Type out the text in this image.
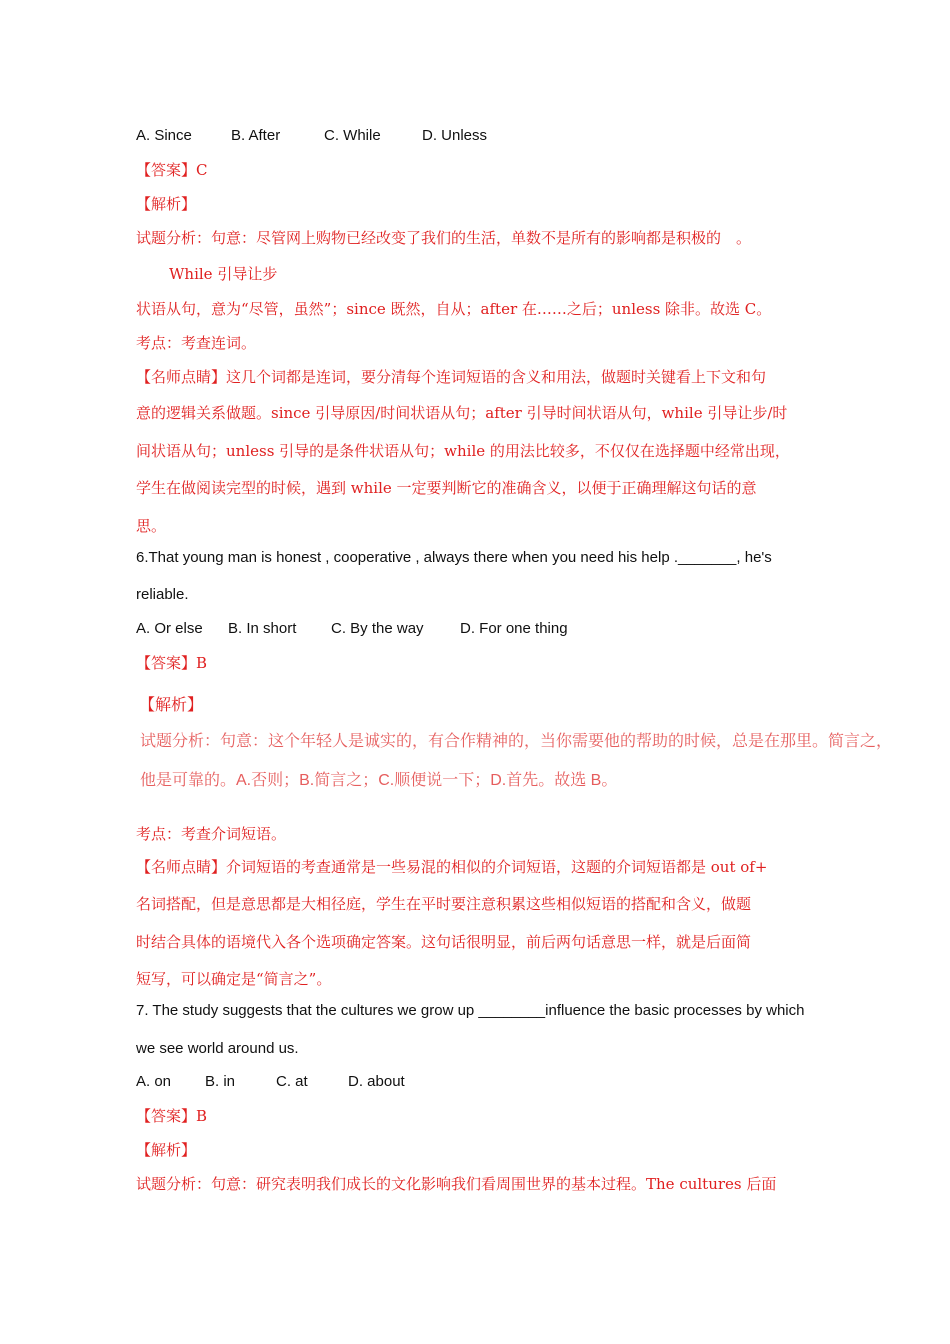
A. Since	B. After	C. While	D. Unless
【答案】C
【解析】
试题分析：句意：尽管网上购物已经改变了我们的生活，单数不是所有的影响都是积极的　。
While 引导让步
状语从句，意为“尽管，虽然”；since 既然，自从；after 在……之后；unless 除非。故选 C。
考点：考查连词。
【名师点睛】这几个词都是连词，要分清每个连词短语的含义和用法，做题时关键看上下文和句
意的逻辑关系做题。since 引导原因/时间状语从句；after 引导时间状语从句，while 引导让步/时
间状语从句；unless 引导的是条件状语从句；while 的用法比较多，不仅仅在选择题中经常出现，
学生在做阅读完型的时候，遇到 while 一定要判断它的准确含义，以便于正确理解这句话的意
思。
6.That young man is honest , cooperative , always there when you need his help ._______, he's
reliable.
A. Or else B. In short C. By the way D. For one thing
【答案】B
【解析】
试题分析：句意：这个年轻人是诚实的，有合作精神的，当你需要他的帮助的时候，总是在那里。简言之，
他是可靠的。A.否则；B.简言之；C.顺便说一下；D.首先。故选 B。
考点：考查介词短语。
【名师点睛】介词短语的考查通常是一些易混的相似的介词短语，这题的介词短语都是 out of+
名词搭配，但是意思都是大相径庭，学生在平时要注意积累这些相似短语的搭配和含义，做题
时结合具体的语境代入各个选项确定答案。这句话很明显，前后两句话意思一样，就是后面简
短写，可以确定是“简言之”。
7. The study suggests that the cultures we grow up ________influence the basic processes by which
we see world around us.
A. on B. in	C. at	D. about
【答案】B
【解析】
试题分析：句意：研究表明我们成长的文化影响我们看周围世界的基本过程。The cultures 后面
